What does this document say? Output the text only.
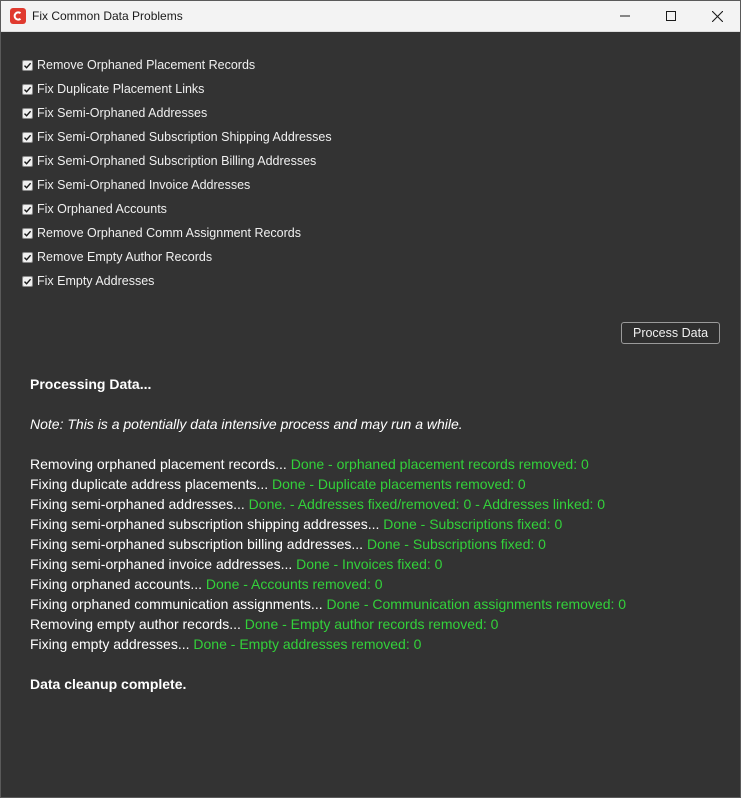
Fix Common Data Problems
Remove Orphaned Placement Records
Fix Duplicate Placement Links
Fix Semi-Orphaned Addresses
Fix Semi-Orphaned Subscription Shipping Addresses
Fix Semi-Orphaned Subscription Billing Addresses
Fix Semi-Orphaned Invoice Addresses
Fix Orphaned Accounts
Remove Orphaned Comm Assignment Records
Remove Empty Author Records
Fix Empty Addresses
Process Data
Processing Data...
Note: This is a potentially data intensive process and may run a while.
Removing orphaned placement records... Done - orphaned placement records removed: 0
Fixing duplicate address placements... Done - Duplicate placements removed: 0
Fixing semi-orphaned addresses... Done. - Addresses fixed/removed: 0 - Addresses linked: 0
Fixing semi-orphaned subscription shipping addresses... Done - Subscriptions fixed: 0
Fixing semi-orphaned subscription billing addresses... Done - Subscriptions fixed: 0
Fixing semi-orphaned invoice addresses... Done - Invoices fixed: 0
Fixing orphaned accounts... Done - Accounts removed: 0
Fixing orphaned communication assignments... Done - Communication assignments removed: 0
Removing empty author records... Done - Empty author records removed: 0
Fixing empty addresses... Done - Empty addresses removed: 0
Data cleanup complete.
